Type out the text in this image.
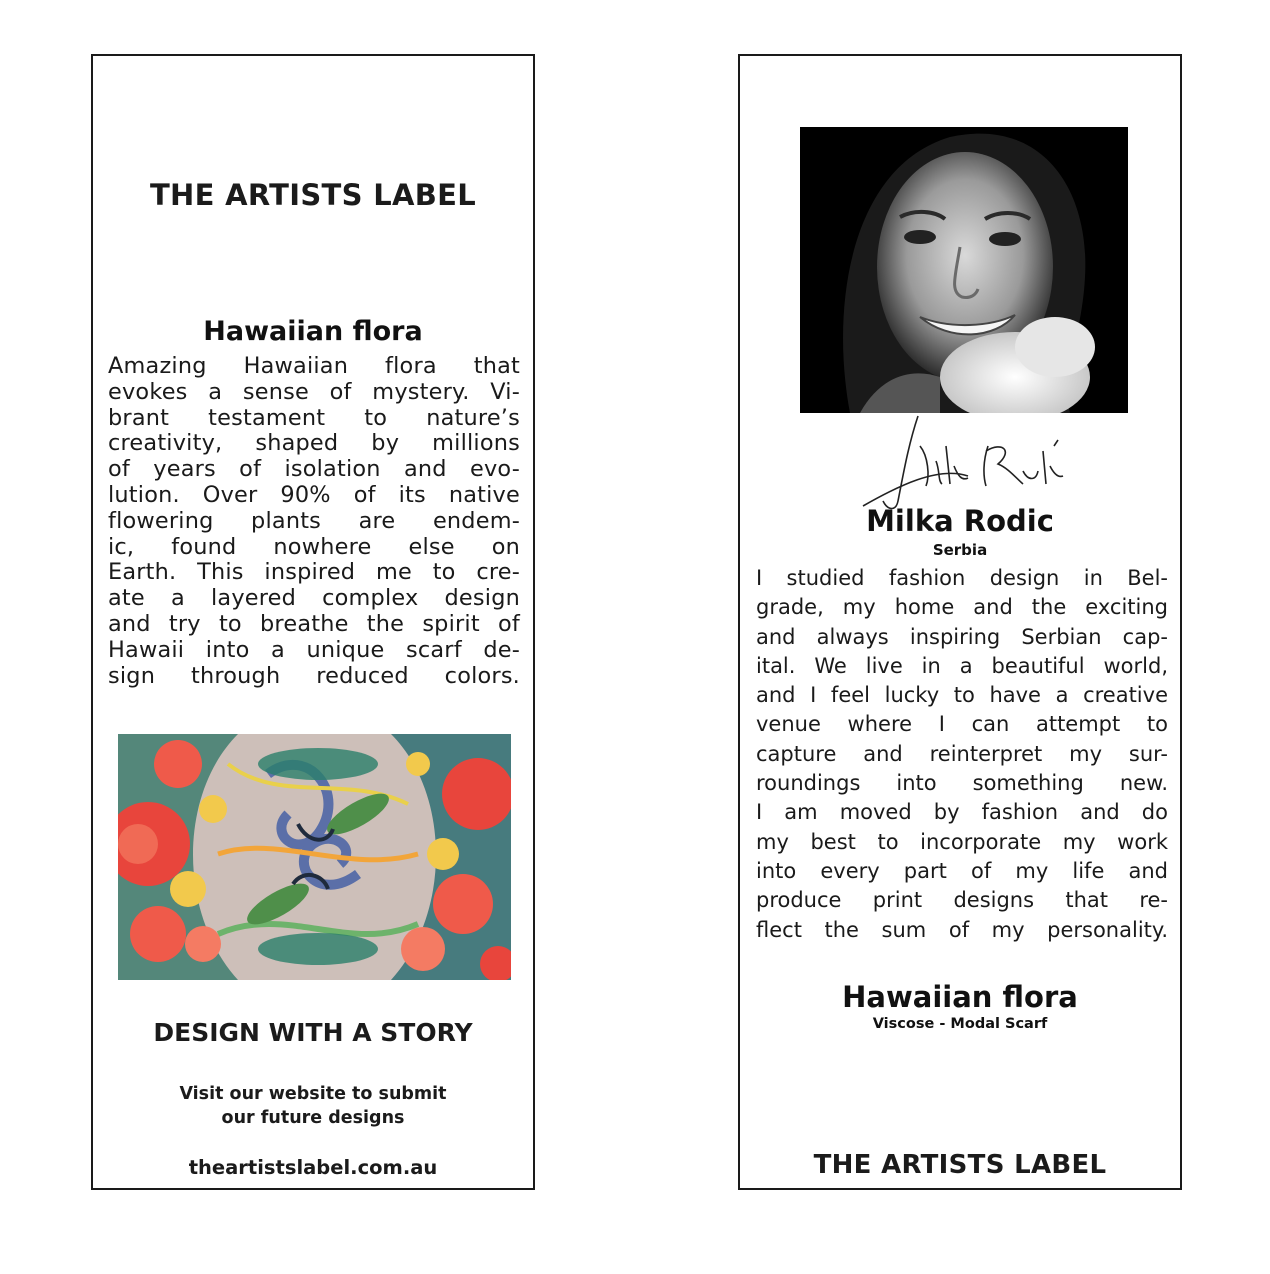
THE ARTISTS LABEL
Hawaiian flora
Amazing Hawaiian flora that
evokes a sense of mystery. Vi-
brant testament to nature’s
creativity, shaped by millions
of years of isolation and evo-
lution. Over 90% of its native
flowering plants are endem-
ic, found nowhere else on
Earth. This inspired me to cre-
ate a layered complex design
and try to breathe the spirit of
Hawaii into a unique scarf de-
sign through reduced colors.
DESIGN WITH A STORY
Visit our website to submit
our future designs
theartistslabel.com.au
Milka Rodic
Serbia
I studied fashion design in Bel-
grade, my home and the exciting
and always inspiring Serbian cap-
ital. We live in a beautiful world,
and I feel lucky to have a creative
venue where I can attempt to
capture and reinterpret my sur-
roundings into something new.
I am moved by fashion and do
my best to incorporate my work
into every part of my life and
produce print designs that re-
flect the sum of my personality.
Hawaiian flora
Viscose - Modal Scarf
THE ARTISTS LABEL
